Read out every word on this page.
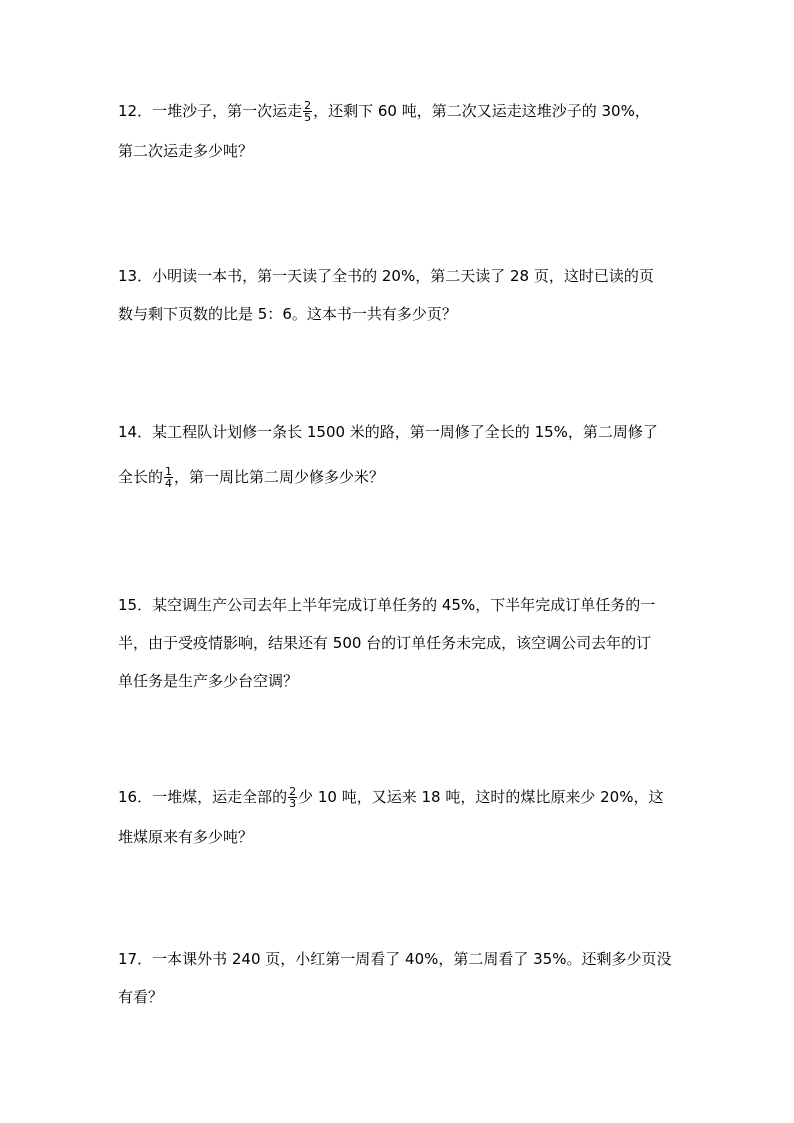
12．一堆沙子，第一次运走 $\frac{2}{5}$ ，还剩下 60 吨，第二次又运走这堆沙子的 30%，
第二次运走多少吨？
13．小明读一本书，第一天读了全书的 20%，第二天读了 28 页，这时已读的页
数与剩下页数的比是 5：6。这本书一共有多少页？
14．某工程队计划修一条长 1500 米的路，第一周修了全长的 15%，第二周修了
全长的 $\frac{1}{4}$ ，第一周比第二周少修多少米？
15．某空调生产公司去年上半年完成订单任务的 45%，下半年完成订单任务的一
半，由于受疫情影响，结果还有 500 台的订单任务未完成，该空调公司去年的订
单任务是生产多少台空调？
16．一堆煤，运走全部的 $\frac{2}{3}$ 少 10 吨，又运来 18 吨，这时的煤比原来少 20%，这
堆煤原来有多少吨？
17．一本课外书 240 页，小红第一周看了 40%，第二周看了 35%。还剩多少页没
有看？
